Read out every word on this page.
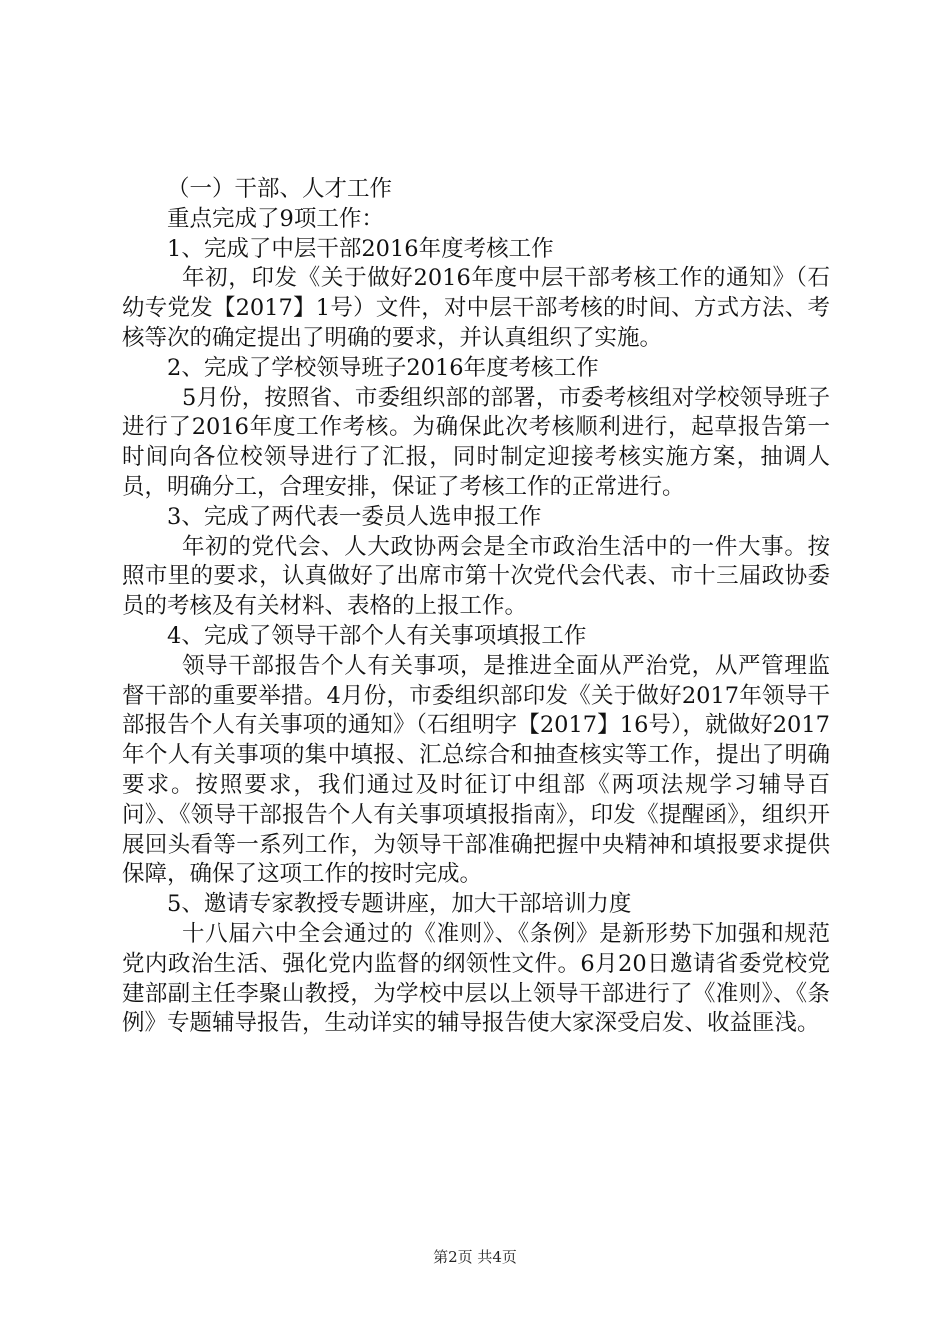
（一）干部、人才工作

重点完成了9项工作：

1、完成了中层干部2016年度考核工作

年初，印发《关于做好2016年度中层干部考核工作的通知》（石幼专党发【2017】1号）文件，对中层干部考核的时间、方式方法、考核等次的确定提出了明确的要求，并认真组织了实施。

2、完成了学校领导班子2016年度考核工作

5月份，按照省、市委组织部的部署，市委考核组对学校领导班子进行了2016年度工作考核。为确保此次考核顺利进行，起草报告第一时间向各位校领导进行了汇报，同时制定迎接考核实施方案，抽调人员，明确分工，合理安排，保证了考核工作的正常进行。

3、完成了两代表一委员人选申报工作

年初的党代会、人大政协两会是全市政治生活中的一件大事。按照市里的要求，认真做好了出席市第十次党代会代表、市十三届政协委员的考核及有关材料、表格的上报工作。

4、完成了领导干部个人有关事项填报工作

领导干部报告个人有关事项，是推进全面从严治党，从严管理监督干部的重要举措。4月份，市委组织部印发《关于做好2017年领导干部报告个人有关事项的通知》（石组明字【2017】16号），就做好2017年个人有关事项的集中填报、汇总综合和抽查核实等工作，提出了明确要求。按照要求，我们通过及时征订中组部《两项法规学习辅导百问》、《领导干部报告个人有关事项填报指南》，印发《提醒函》，组织开展回头看等一系列工作，为领导干部准确把握中央精神和填报要求提供保障，确保了这项工作的按时完成。

5、邀请专家教授专题讲座，加大干部培训力度

十八届六中全会通过的《准则》、《条例》是新形势下加强和规范党内政治生活、强化党内监督的纲领性文件。6月20日邀请省委党校党建部副主任李聚山教授，为学校中层以上领导干部进行了《准则》、《条例》专题辅导报告，生动详实的辅导报告使大家深受启发、收益匪浅。

第2页 共4页
